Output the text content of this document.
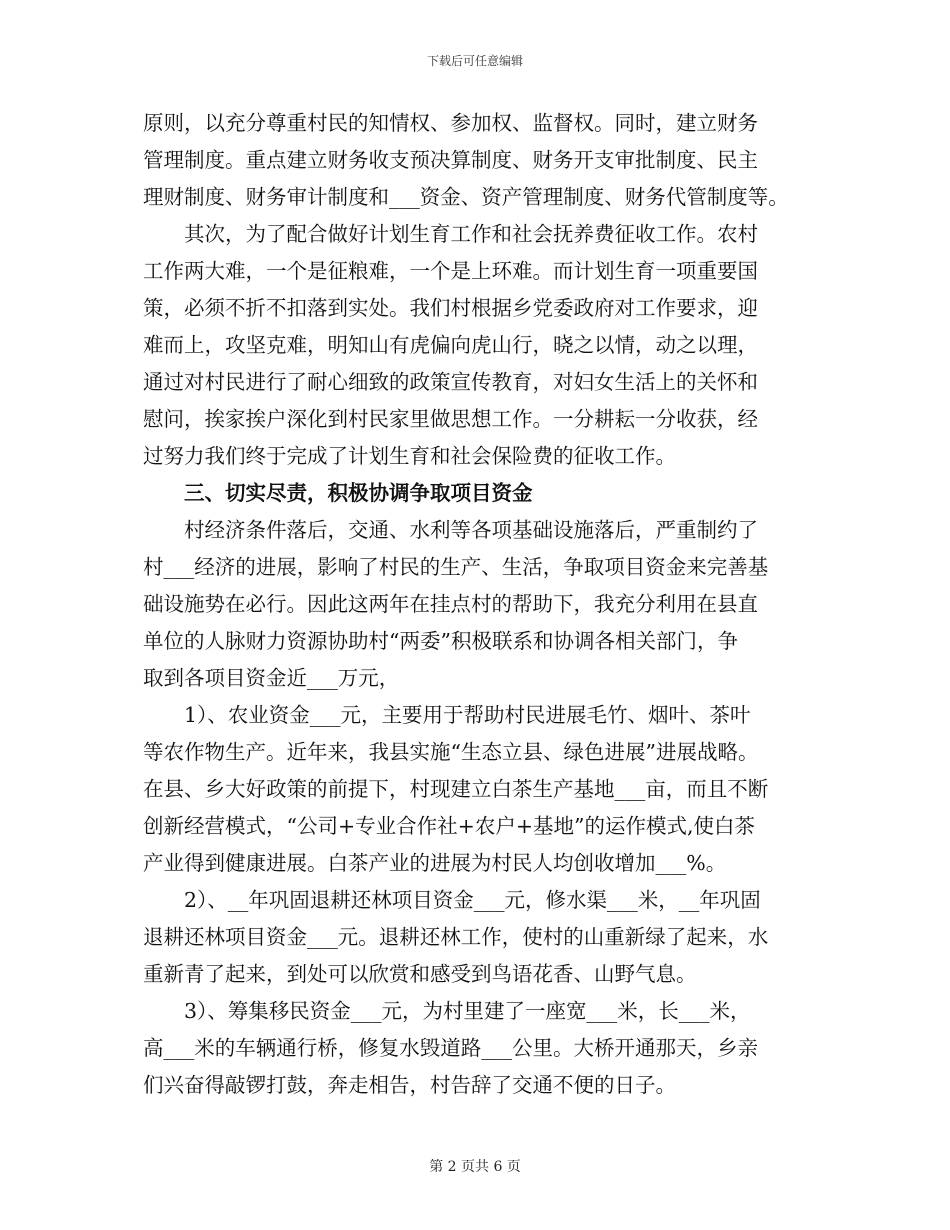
下载后可任意编辑
原则，以充分尊重村民的知情权、参加权、监督权。同时，建立财务
管理制度。重点建立财务收支预决算制度、财务开支审批制度、民主
理财制度、财务审计制度和___资金、资产管理制度、财务代管制度等。
其次，为了配合做好计划生育工作和社会抚养费征收工作。农村
工作两大难，一个是征粮难，一个是上环难。而计划生育一项重要国
策，必须不折不扣落到实处。我们村根据乡党委政府对工作要求，迎
难而上，攻坚克难，明知山有虎偏向虎山行，晓之以情，动之以理，
通过对村民进行了耐心细致的政策宣传教育，对妇女生活上的关怀和
慰问，挨家挨户深化到村民家里做思想工作。一分耕耘一分收获，经
过努力我们终于完成了计划生育和社会保险费的征收工作。
三、切实尽责，积极协调争取项目资金
村经济条件落后，交通、水利等各项基础设施落后，严重制约了
村___经济的进展，影响了村民的生产、生活，争取项目资金来完善基
础设施势在必行。因此这两年在挂点村的帮助下，我充分利用在县直
单位的人脉财力资源协助村“两委”积极联系和协调各相关部门，争
取到各项目资金近___万元，
1）、农业资金___元，主要用于帮助村民进展毛竹、烟叶、茶叶
等农作物生产。近年来，我县实施“生态立县、绿色进展”进展战略。
在县、乡大好政策的前提下，村现建立白茶生产基地___亩，而且不断
创新经营模式，“公司+专业合作社+农户+基地”的运作模式,使白茶
产业得到健康进展。白茶产业的进展为村民人均创收增加___%。
2）、__年巩固退耕还林项目资金___元，修水渠___米，__年巩固
退耕还林项目资金___元。退耕还林工作，使村的山重新绿了起来，水
重新青了起来，到处可以欣赏和感受到鸟语花香、山野气息。
3）、筹集移民资金___元，为村里建了一座宽___米，长___米，
高___米的车辆通行桥，修复水毁道路___公里。大桥开通那天，乡亲
们兴奋得敲锣打鼓，奔走相告，村告辞了交通不便的日子。
第 2 页共 6 页
